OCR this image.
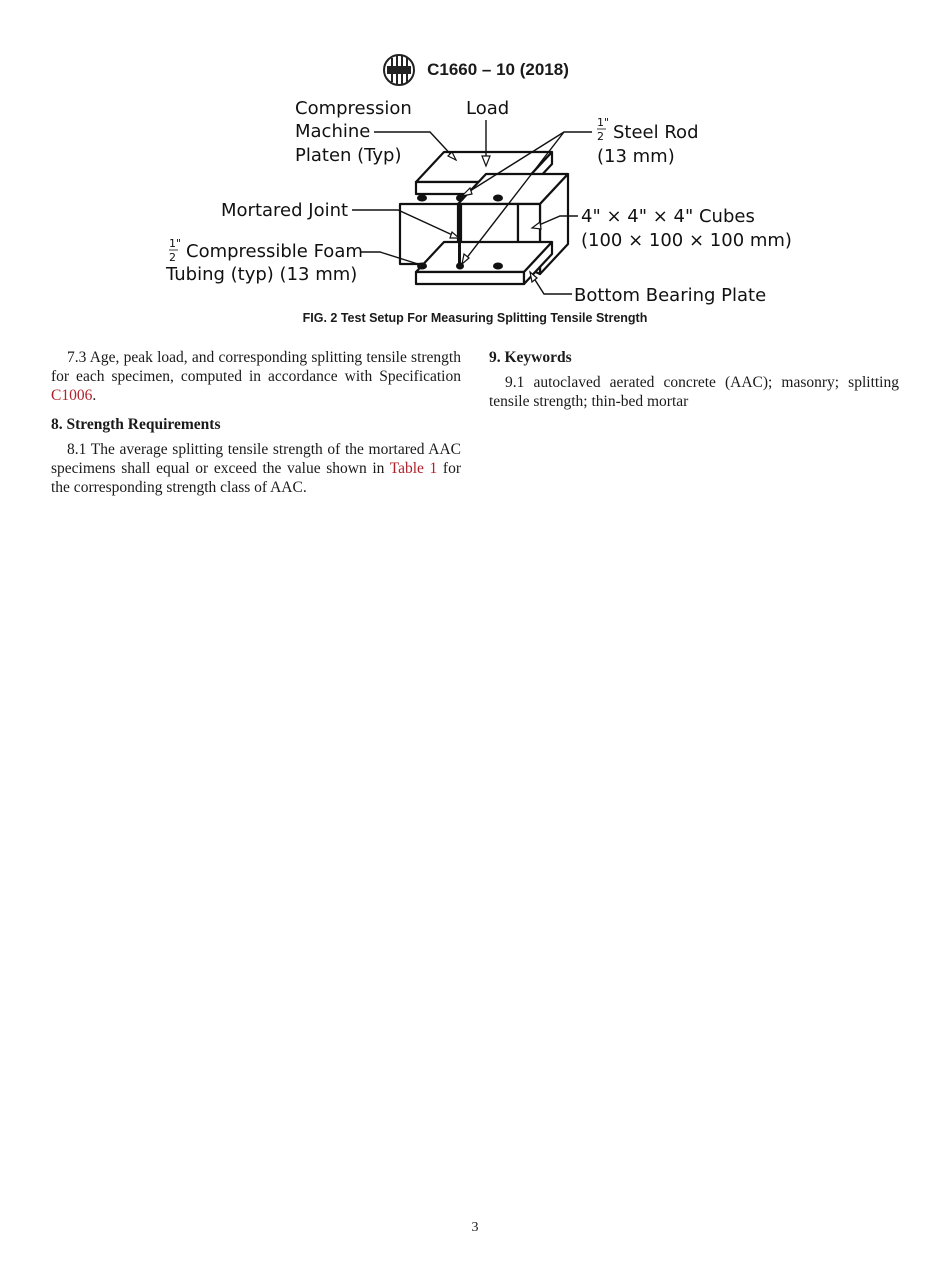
C1660 – 10 (2018)
Compression
Machine
Platen (Typ)
Load
1"
2 Steel Rod
(13 mm)
Mortared Joint	4" × 4" × 4" Cubes
(100 × 100 × 100 mm)
1"
2 Compressible Foam
Tubing (typ) (13 mm)
Bottom Bearing Plate
FIG. 2 Test Setup For Measuring Splitting Tensile Strength

7.3 Age, peak load, and corresponding splitting tensile strength for each specimen, computed in accordance with Specification C1006.

8. Strength Requirements

8.1 The average splitting tensile strength of the mortared AAC specimens shall equal or exceed the value shown in Table 1 for the corresponding strength class of AAC.

9. Keywords

9.1 autoclaved aerated concrete (AAC); masonry; splitting tensile strength; thin-bed mortar

3
